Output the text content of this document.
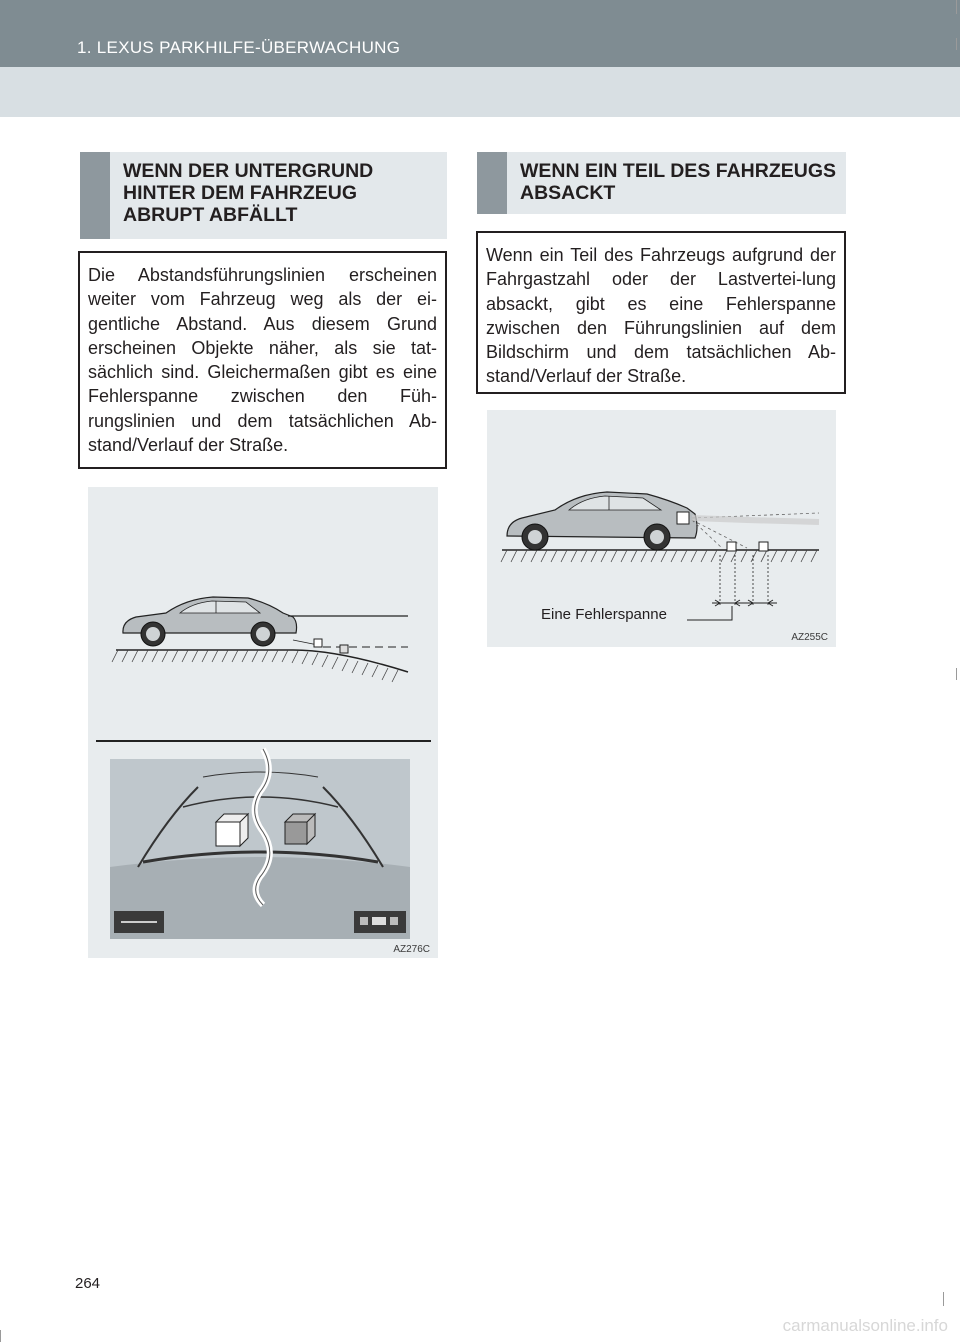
1. LEXUS PARKHILFE-ÜBERWACHUNG
WENN DER UNTERGRUND HINTER DEM FAHRZEUG ABRUPT ABFÄLLT

Die Abstandsführungslinien erscheinen weiter vom Fahrzeug weg als der ei-gentliche Abstand. Aus diesem Grund erscheinen Objekte näher, als sie tat-sächlich sind. Gleichermaßen gibt es eine Fehlerspanne zwischen den Füh-rungslinien und dem tatsächlichen Ab-stand/Verlauf der Straße.

AZ276C
WENN EIN TEIL DES FAHRZEUGS ABSACKT

Wenn ein Teil des Fahrzeugs aufgrund der Fahrgastzahl oder der Lastvertei-lung absackt, gibt es eine Fehlerspanne zwischen den Führungslinien auf dem Bildschirm und dem tatsächlichen Ab-stand/Verlauf der Straße.

Eine Fehlerspanne
AZ255C
264
carmanualsonline.info
